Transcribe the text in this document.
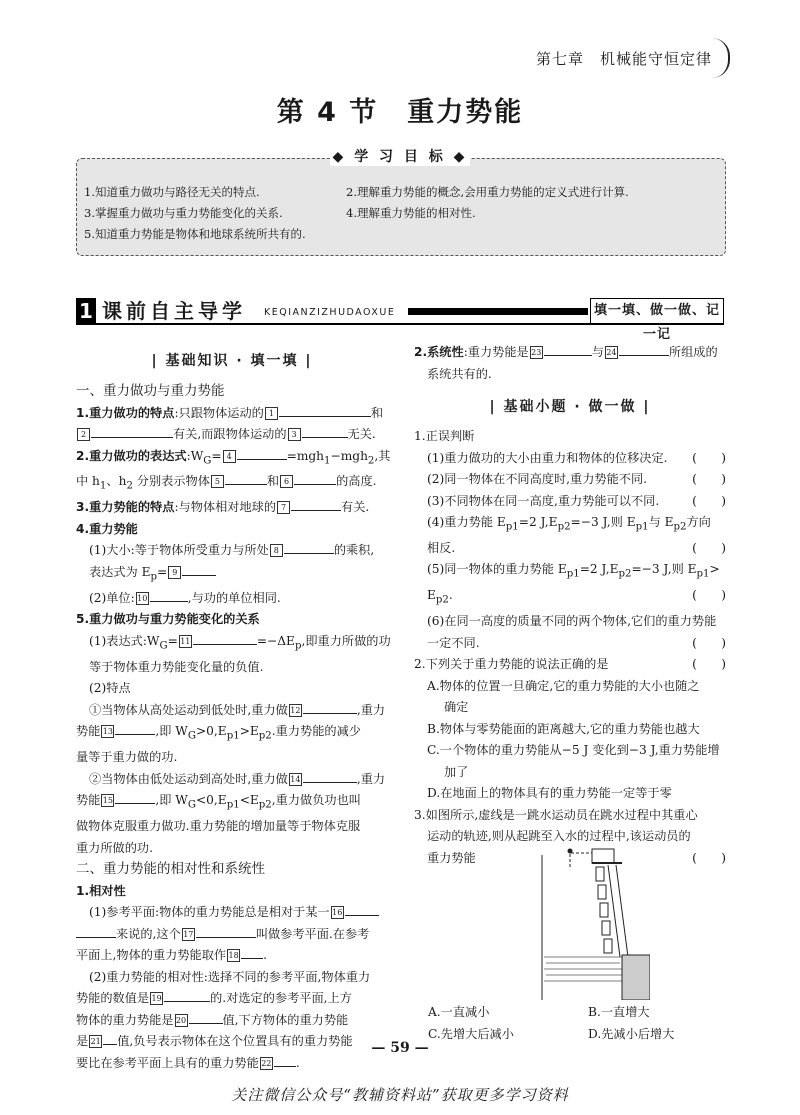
第七章　机械能守恒定律
第 4 节　重力势能
◆ 学 习 目 标 ◆
1.知道重力做功与路径无关的特点.	2.理解重力势能的概念,会用重力势能的定义式进行计算.
3.掌握重力做功与重力势能变化的关系.	4.理解重力势能的相对性.
5.知道重力势能是物体和地球系统所共有的.
1 课前自主导学 KEQIANZIZHUDAOXUE	填一填、做一做、记一记
| 基础知识 · 填一填 |

一、重力做功与重力势能

1.重力做功的特点:只跟物体运动的 1	和

2	有关,而跟物体运动的 3	无关.

2.重力做功的表达式$:W_G= 4$	=mgh$_1$−mgh$_2$,其

中 $h_1$、$h_2$ 分别表示物体 5	和 6	的高度.

3.重力势能的特点:与物体相对地球的 7	有关.

4.重力势能

(1)大小:等于物体所受重力与所处 8	的乘积,

表达式为 $E_p= 9$

(2)单位: 10	,与功的单位相同.

5.重力做功与重力势能变化的关系

(1)表达式$:W_G= 11$	$=-\Delta E_p$,即重力所做的功

等于物体重力势能变化量的负值.

(2)特点

①当物体从高处运动到低处时,重力做 12	,重力

势能 13	,即 $W_G>0,E_{p1}>E_{p2}$.重力势能的减少

量等于重力做的功.

②当物体由低处运动到高处时,重力做 14	,重力

势能 15	,即 $W_G<0,E_{p1}<E_{p2}$,重力做负功也叫

做物体克服重力做功.重力势能的增加量等于物体克服

重力所做的功.

二、重力势能的相对性和系统性

1.相对性

(1)参考平面:物体的重力势能总是相对于某一 16

来说的,这个 17	叫做参考平面.在参考

平面上,物体的重力势能取作 18 .

(2)重力势能的相对性:选择不同的参考平面,物体重力

势能的数值是 19	的.对选定的参考平面,上方

物体的重力势能是 20	值,下方物体的重力势能

是 21 值,负号表示物体在这个位置具有的重力势能

要比在参考平面上具有的重力势能 22 .

2.系统性:重力势能是 23	与 24	所组成的

系统共有的.

| 基础小题 · 做一做 |

1.正误判断

(1)重力做功的大小由重力和物体的位移决定. (　　)

(2)同一物体在不同高度时,重力势能不同.	(　　)

(3)不同物体在同一高度,重力势能可以不同.	(　　)

(4)重力势能 $E_{p1}=2$ $J,E_{p2}=-3$ J,则 $E_{p1}$与 $E_{p2}$方向

相反.	(　　)

(5)同一物体的重力势能 $E_{p1}=2$ $J,E_{p2}=-3$ J,则 $E_{p1}>$

$E_{p2}$.	(　　)

(6)在同一高度的质量不同的两个物体,它们的重力势能

一定不同.	(　　)

2.下列关于重力势能的说法正确的是	(　　)

A.物体的位置一旦确定,它的重力势能的大小也随之

确定

B.物体与零势能面的距离越大,它的重力势能也越大

C.一个物体的重力势能从−5 J 变化到−3 J,重力势能增

加了

D.在地面上的物体具有的重力势能一定等于零

3.如图所示,虚线是一跳水运动员在跳水过程中其重心

运动的轨迹,则从起跳至入水的过程中,该运动员的

重力势能	(　　)

A.一直减小	B.一直增大

C.先增大后减小	D.先减小后增大

— 59 —
关注微信公众号“教辅资料站”获取更多学习资料
